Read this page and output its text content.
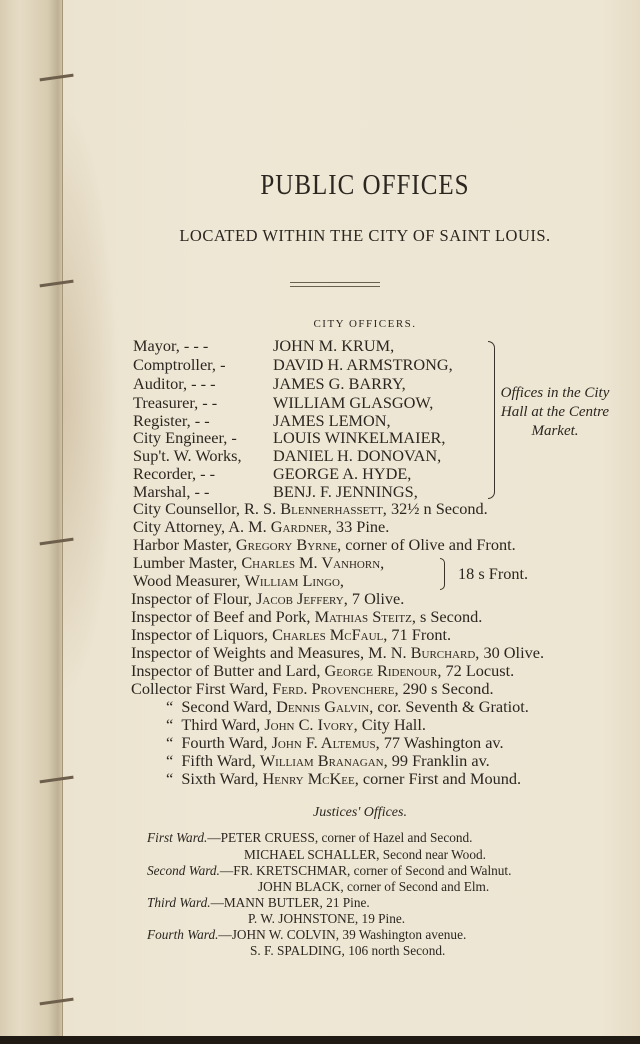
PUBLIC OFFICES
LOCATED WITHIN THE CITY OF SAINT LOUIS.
CITY OFFICERS.
Mayor, - - -	JOHN M. KRUM,
Comptroller, -	DAVID H. ARMSTRONG,
Auditor, - - -	JAMES G. BARRY,
Treasurer, - -	WILLIAM GLASGOW,
Register, - -	JAMES LEMON,
City Engineer, - LOUIS WINKELMAIER,
Sup't. W. Works, DANIEL H. DONOVAN,
Recorder, - -	GEORGE A. HYDE,
Marshal, - -	BENJ. F. JENNINGS,
Offices in the City Hall at the Centre Market.
City Counsellor, R. S. Blennerhassett, 32½ n Second.
City Attorney, A. M. Gardner, 33 Pine.
Harbor Master, Gregory Byrne, corner of Olive and Front.
Lumber Master, Charles M. Vanhorn,
Wood Measurer, William Lingo,	18 s Front.
Inspector of Flour, Jacob Jeffery, 7 Olive.
Inspector of Beef and Pork, Mathias Steitz, s Second.
Inspector of Liquors, Charles McFaul, 71 Front.
Inspector of Weights and Measures, M. N. Burchard, 30 Olive.
Inspector of Butter and Lard, George Ridenour, 72 Locust.
Collector First Ward, Ferd. Provenchere, 290 s Second.
“ Second Ward, Dennis Galvin, cor. Seventh & Gratiot.
“ Third Ward, John C. Ivory, City Hall.
“ Fourth Ward, John F. Altemus, 77 Washington av.
“ Fifth Ward, William Branagan, 99 Franklin av.
“ Sixth Ward, Henry McKee, corner First and Mound.
Justices' Offices.
First Ward.—PETER CRUESS, corner of Hazel and Second.
MICHAEL SCHALLER, Second near Wood.
Second Ward.—FR. KRETSCHMAR, corner of Second and Walnut.
JOHN BLACK, corner of Second and Elm.
Third Ward.—MANN BUTLER, 21 Pine.
P. W. JOHNSTONE, 19 Pine.
Fourth Ward.—JOHN W. COLVIN, 39 Washington avenue.
S. F. SPALDING, 106 north Second.
